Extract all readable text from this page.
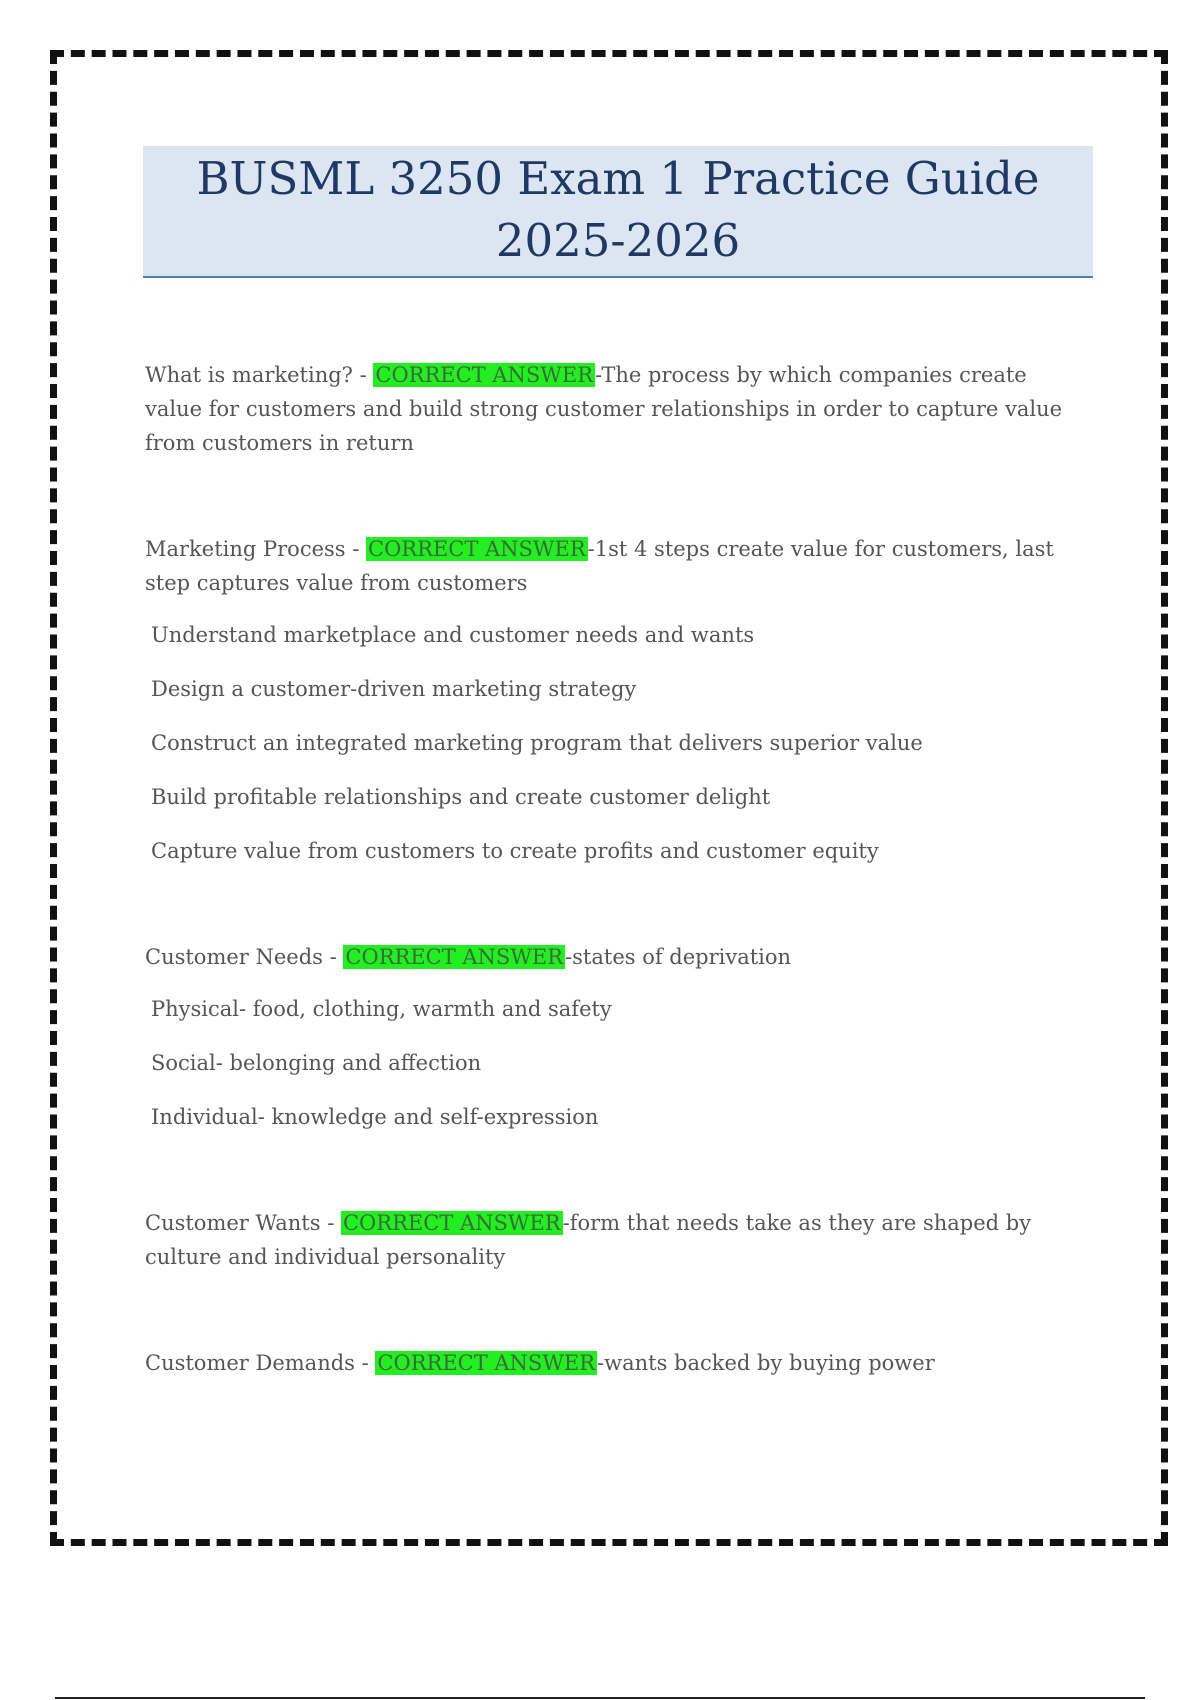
BUSML 3250 Exam 1 Practice Guide
2025-2026

What is marketing? - CORRECT ANSWER-The process by which companies create value for customers and build strong customer relationships in order to capture value from customers in return

Marketing Process - CORRECT ANSWER-1st 4 steps create value for customers, last step captures value from customers

Understand marketplace and customer needs and wants

Design a customer-driven marketing strategy

Construct an integrated marketing program that delivers superior value

Build profitable relationships and create customer delight

Capture value from customers to create profits and customer equity

Customer Needs - CORRECT ANSWER-states of deprivation

Physical- food, clothing, warmth and safety

Social- belonging and affection

Individual- knowledge and self-expression

Customer Wants - CORRECT ANSWER-form that needs take as they are shaped by culture and individual personality

Customer Demands - CORRECT ANSWER-wants backed by buying power
